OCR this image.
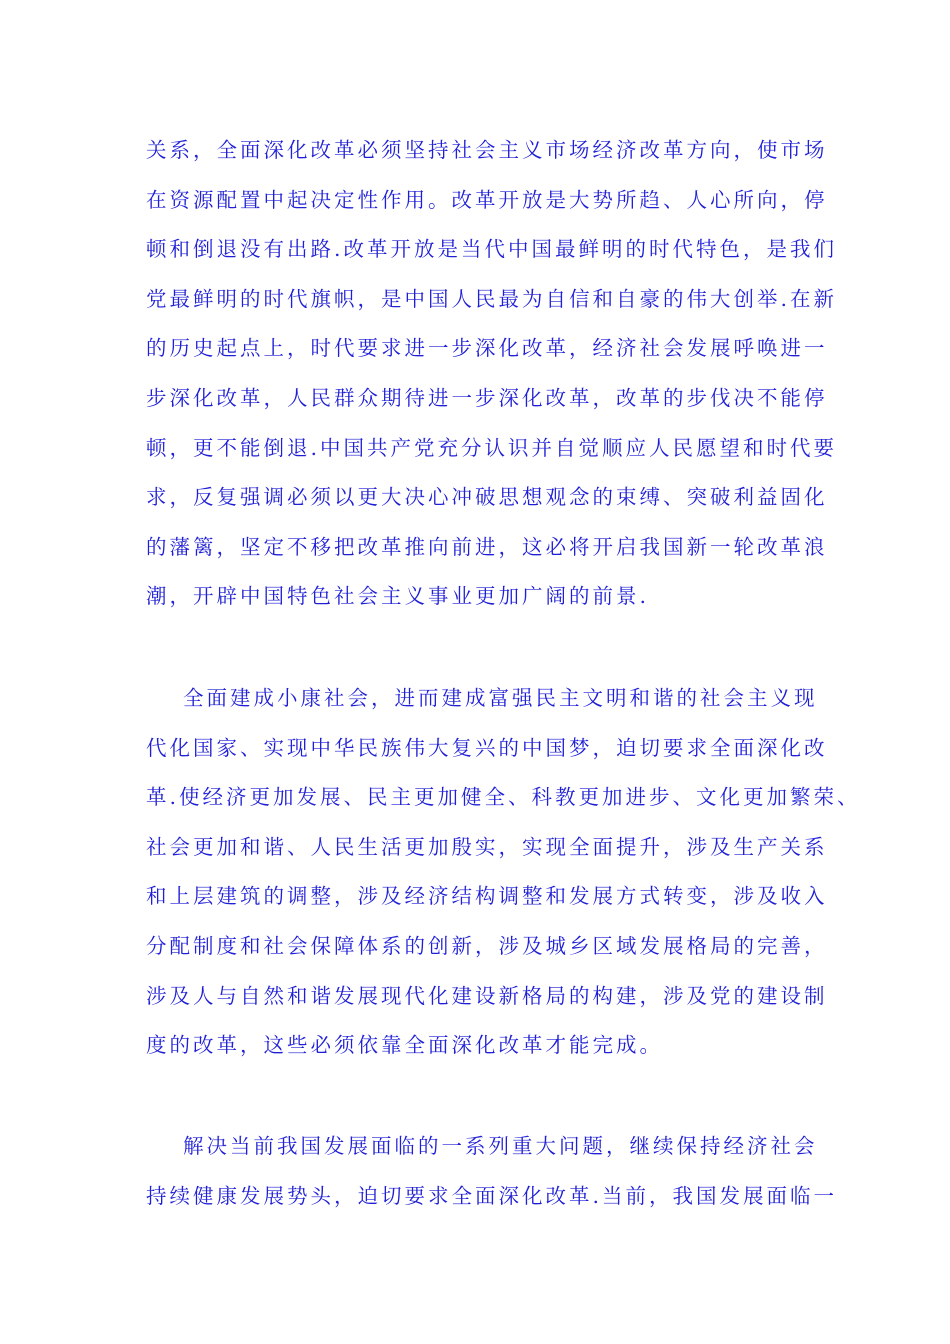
关系，全面深化改革必须坚持社会主义市场经济改革方向，使市场
在资源配置中起决定性作用。改革开放是大势所趋、人心所向，停
顿和倒退没有出路.改革开放是当代中国最鲜明的时代特色，是我们
党最鲜明的时代旗帜，是中国人民最为自信和自豪的伟大创举.在新
的历史起点上，时代要求进一步深化改革，经济社会发展呼唤进一
步深化改革，人民群众期待进一步深化改革，改革的步伐决不能停
顿，更不能倒退.中国共产党充分认识并自觉顺应人民愿望和时代要
求，反复强调必须以更大决心冲破思想观念的束缚、突破利益固化
的藩篱，坚定不移把改革推向前进，这必将开启我国新一轮改革浪
潮，开辟中国特色社会主义事业更加广阔的前景.
全面建成小康社会，进而建成富强民主文明和谐的社会主义现
代化国家、实现中华民族伟大复兴的中国梦，迫切要求全面深化改
革.使经济更加发展、民主更加健全、科教更加进步、文化更加繁荣、
社会更加和谐、人民生活更加殷实，实现全面提升，涉及生产关系
和上层建筑的调整，涉及经济结构调整和发展方式转变，涉及收入
分配制度和社会保障体系的创新，涉及城乡区域发展格局的完善，
涉及人与自然和谐发展现代化建设新格局的构建，涉及党的建设制
度的改革，这些必须依靠全面深化改革才能完成。
解决当前我国发展面临的一系列重大问题，继续保持经济社会
持续健康发展势头，迫切要求全面深化改革.当前，我国发展面临一
